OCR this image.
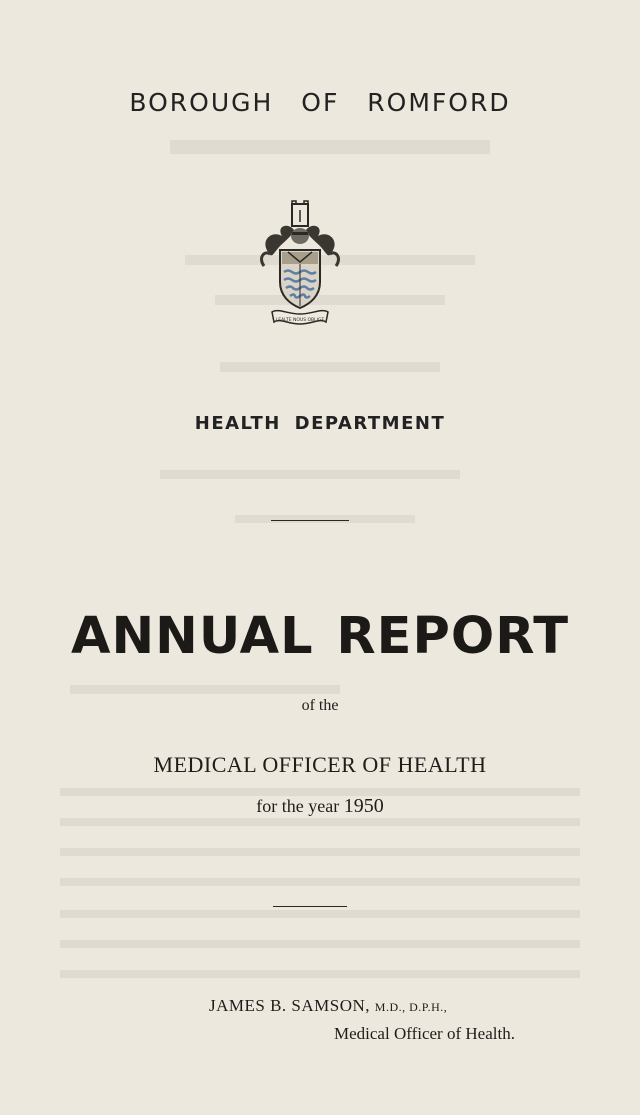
BOROUGH OF ROMFORD
LEALTE NOUS OBLIGE
HEALTH DEPARTMENT
ANNUAL REPORT
of the
MEDICAL OFFICER OF HEALTH
for the year 1950
JAMES B. SAMSON, M.D., D.P.H.,
Medical Officer of Health.
